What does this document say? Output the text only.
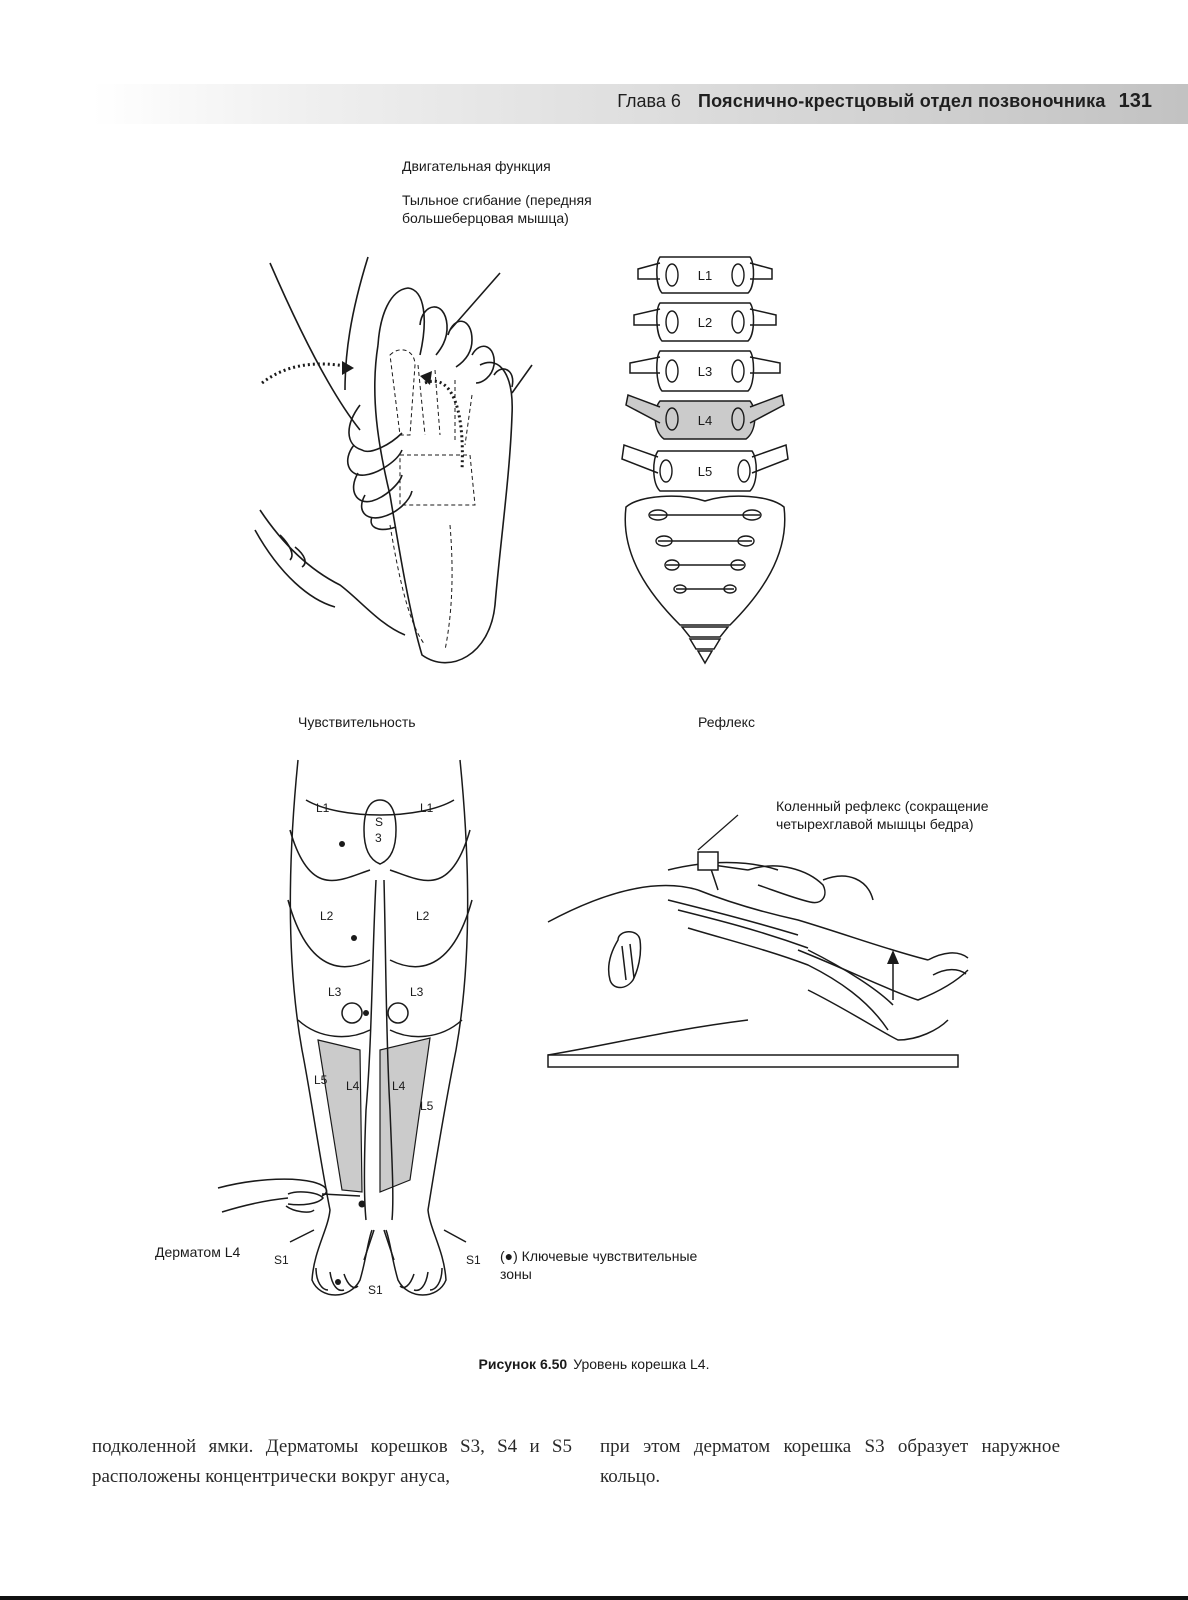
Глава 6 Пояснично-крестцовый отдел позвоночника 131
Двигательная функция
Тыльное сгибание (передняя большеберцовая мышца)
L1
L2
L3
L4
L5
Чувствительность	Рефлекс
L1	L1
S
3
L2	L2
L3	L3
L4	L4
L5
L5
S1
S1
S1
Коленный рефлекс (сокращение четырехглавой мышцы бедра)
Дерматом L4	(●) Ключевые чувствительные зоны
Рисунок 6.50 Уровень корешка L4.
подколенной ямки. Дерматомы корешков S3, S4 и S5 расположены концентрически вокруг ануса,
при этом дерматом корешка S3 образует наружное кольцо.
